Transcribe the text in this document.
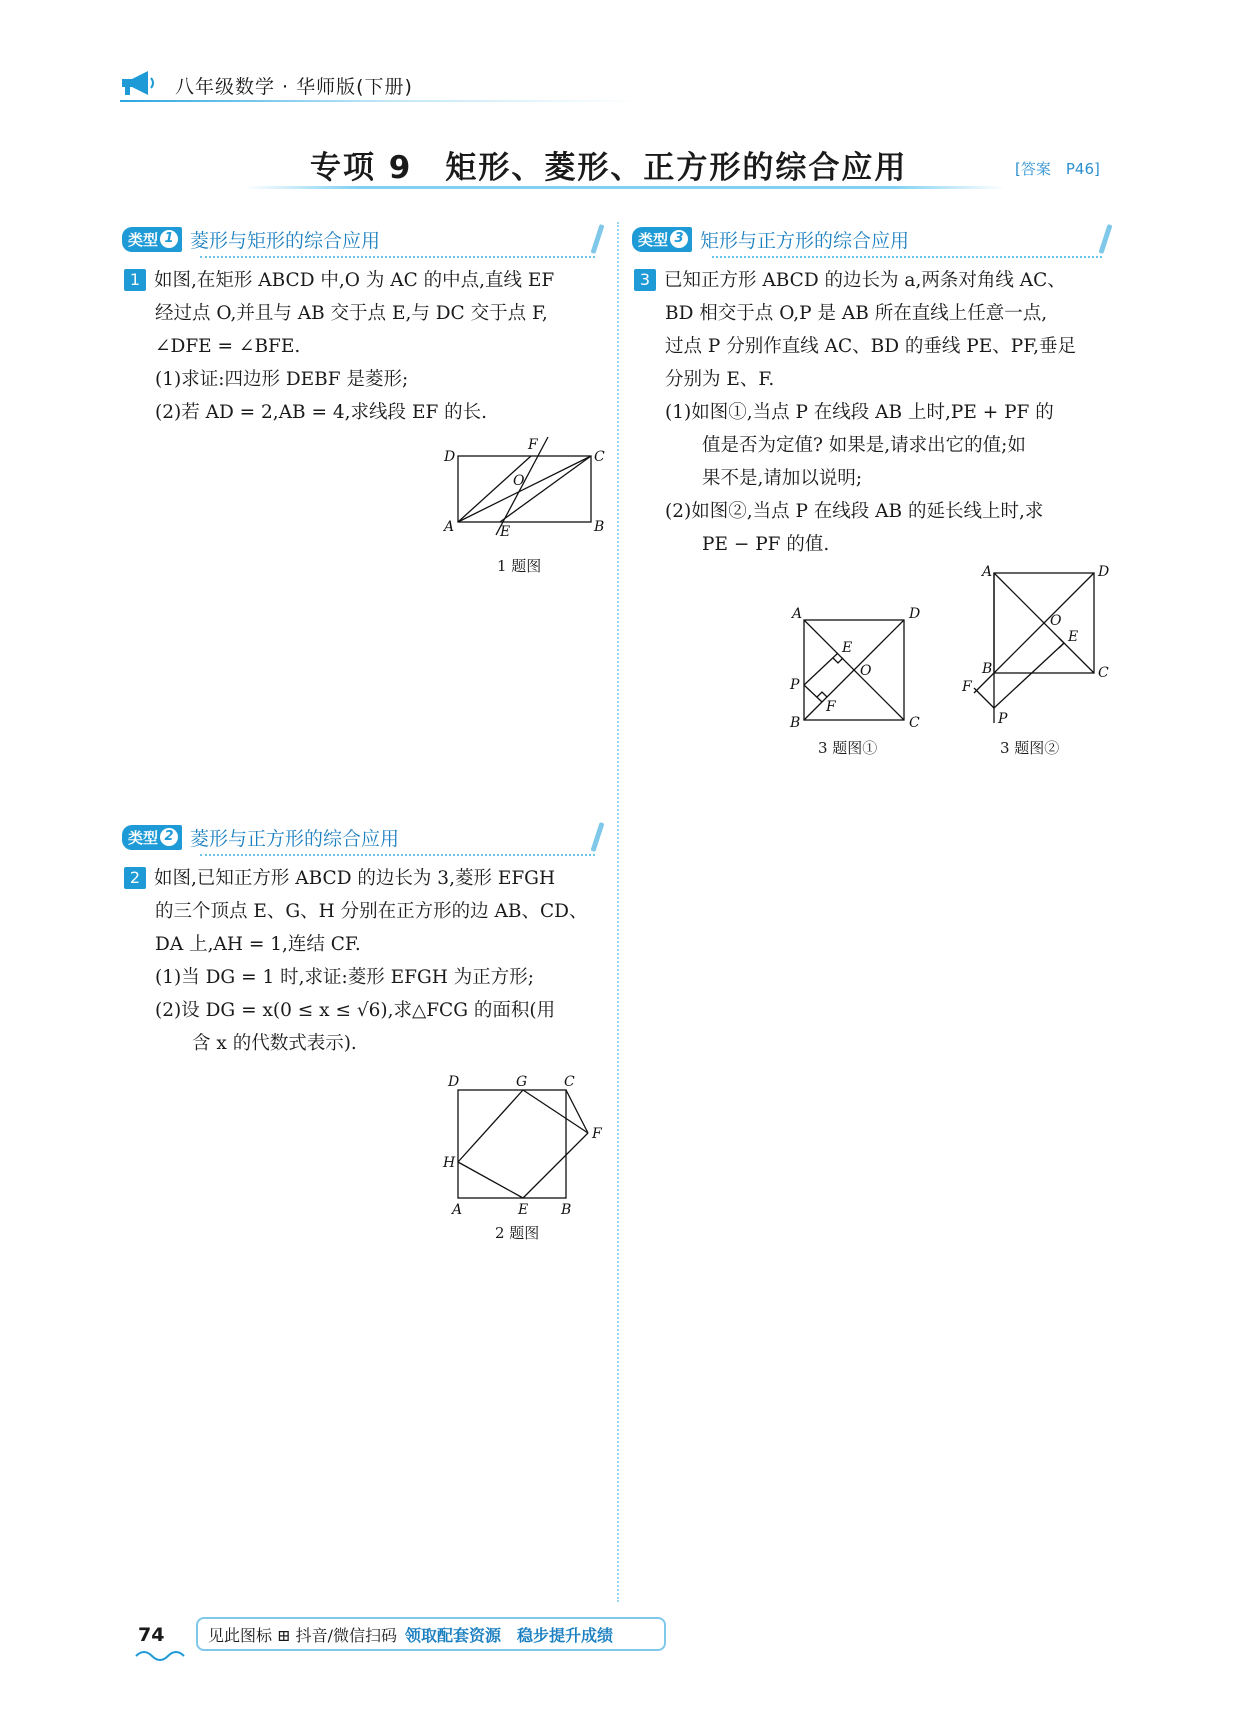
八年级数学 · 华师版(下册)
专项 9　矩形、菱形、正方形的综合应用	[答案　P46]
类型 1 菱形与矩形的综合应用

1 如图,在矩形 ABCD 中,O 为 AC 的中点,直线 EF

经过点 O,并且与 AB 交于点 E,与 DC 交于点 F,

∠DFE = ∠BFE.

(1)求证:四边形 DEBF 是菱形;

(2)若 AD = 2,AB = 4,求线段 EF 的长.

D	C
A	B
E
F
O
1 题图
类型 2 菱形与正方形的综合应用

2 如图,已知正方形 ABCD 的边长为 3,菱形 EFGH

的三个顶点 E、G、H 分别在正方形的边 AB、CD、

DA 上,AH = 1,连结 CF.

(1)当 DG = 1 时,求证:菱形 EFGH 为正方形;

(2)设 DG = x(0 ≤ x ≤ √6),求△FCG 的面积(用

含 x 的代数式表示).

D	G	C
F
H
A	E B
2 题图
类型 3 矩形与正方形的综合应用

3 已知正方形 ABCD 的边长为 a,两条对角线 AC、

BD 相交于点 O,P 是 AB 所在直线上任意一点,

过点 P 分别作直线 AC、BD 的垂线 PE、PF,垂足

分别为 E、F.

(1)如图①,当点 P 在线段 AB 上时,PE + PF 的

值是否为定值? 如果是,请求出它的值;如

果不是,请加以说明;

(2)如图②,当点 P 在线段 AB 的延长线上时,求

PE − PF 的值.

A	D
B	C
E
O
P
F
3 题图①
A	D
B	C
O
E
F
P
3 题图②
74	见此图标 ⊞ 抖音/微信扫码 领取配套资源　稳步提升成绩
